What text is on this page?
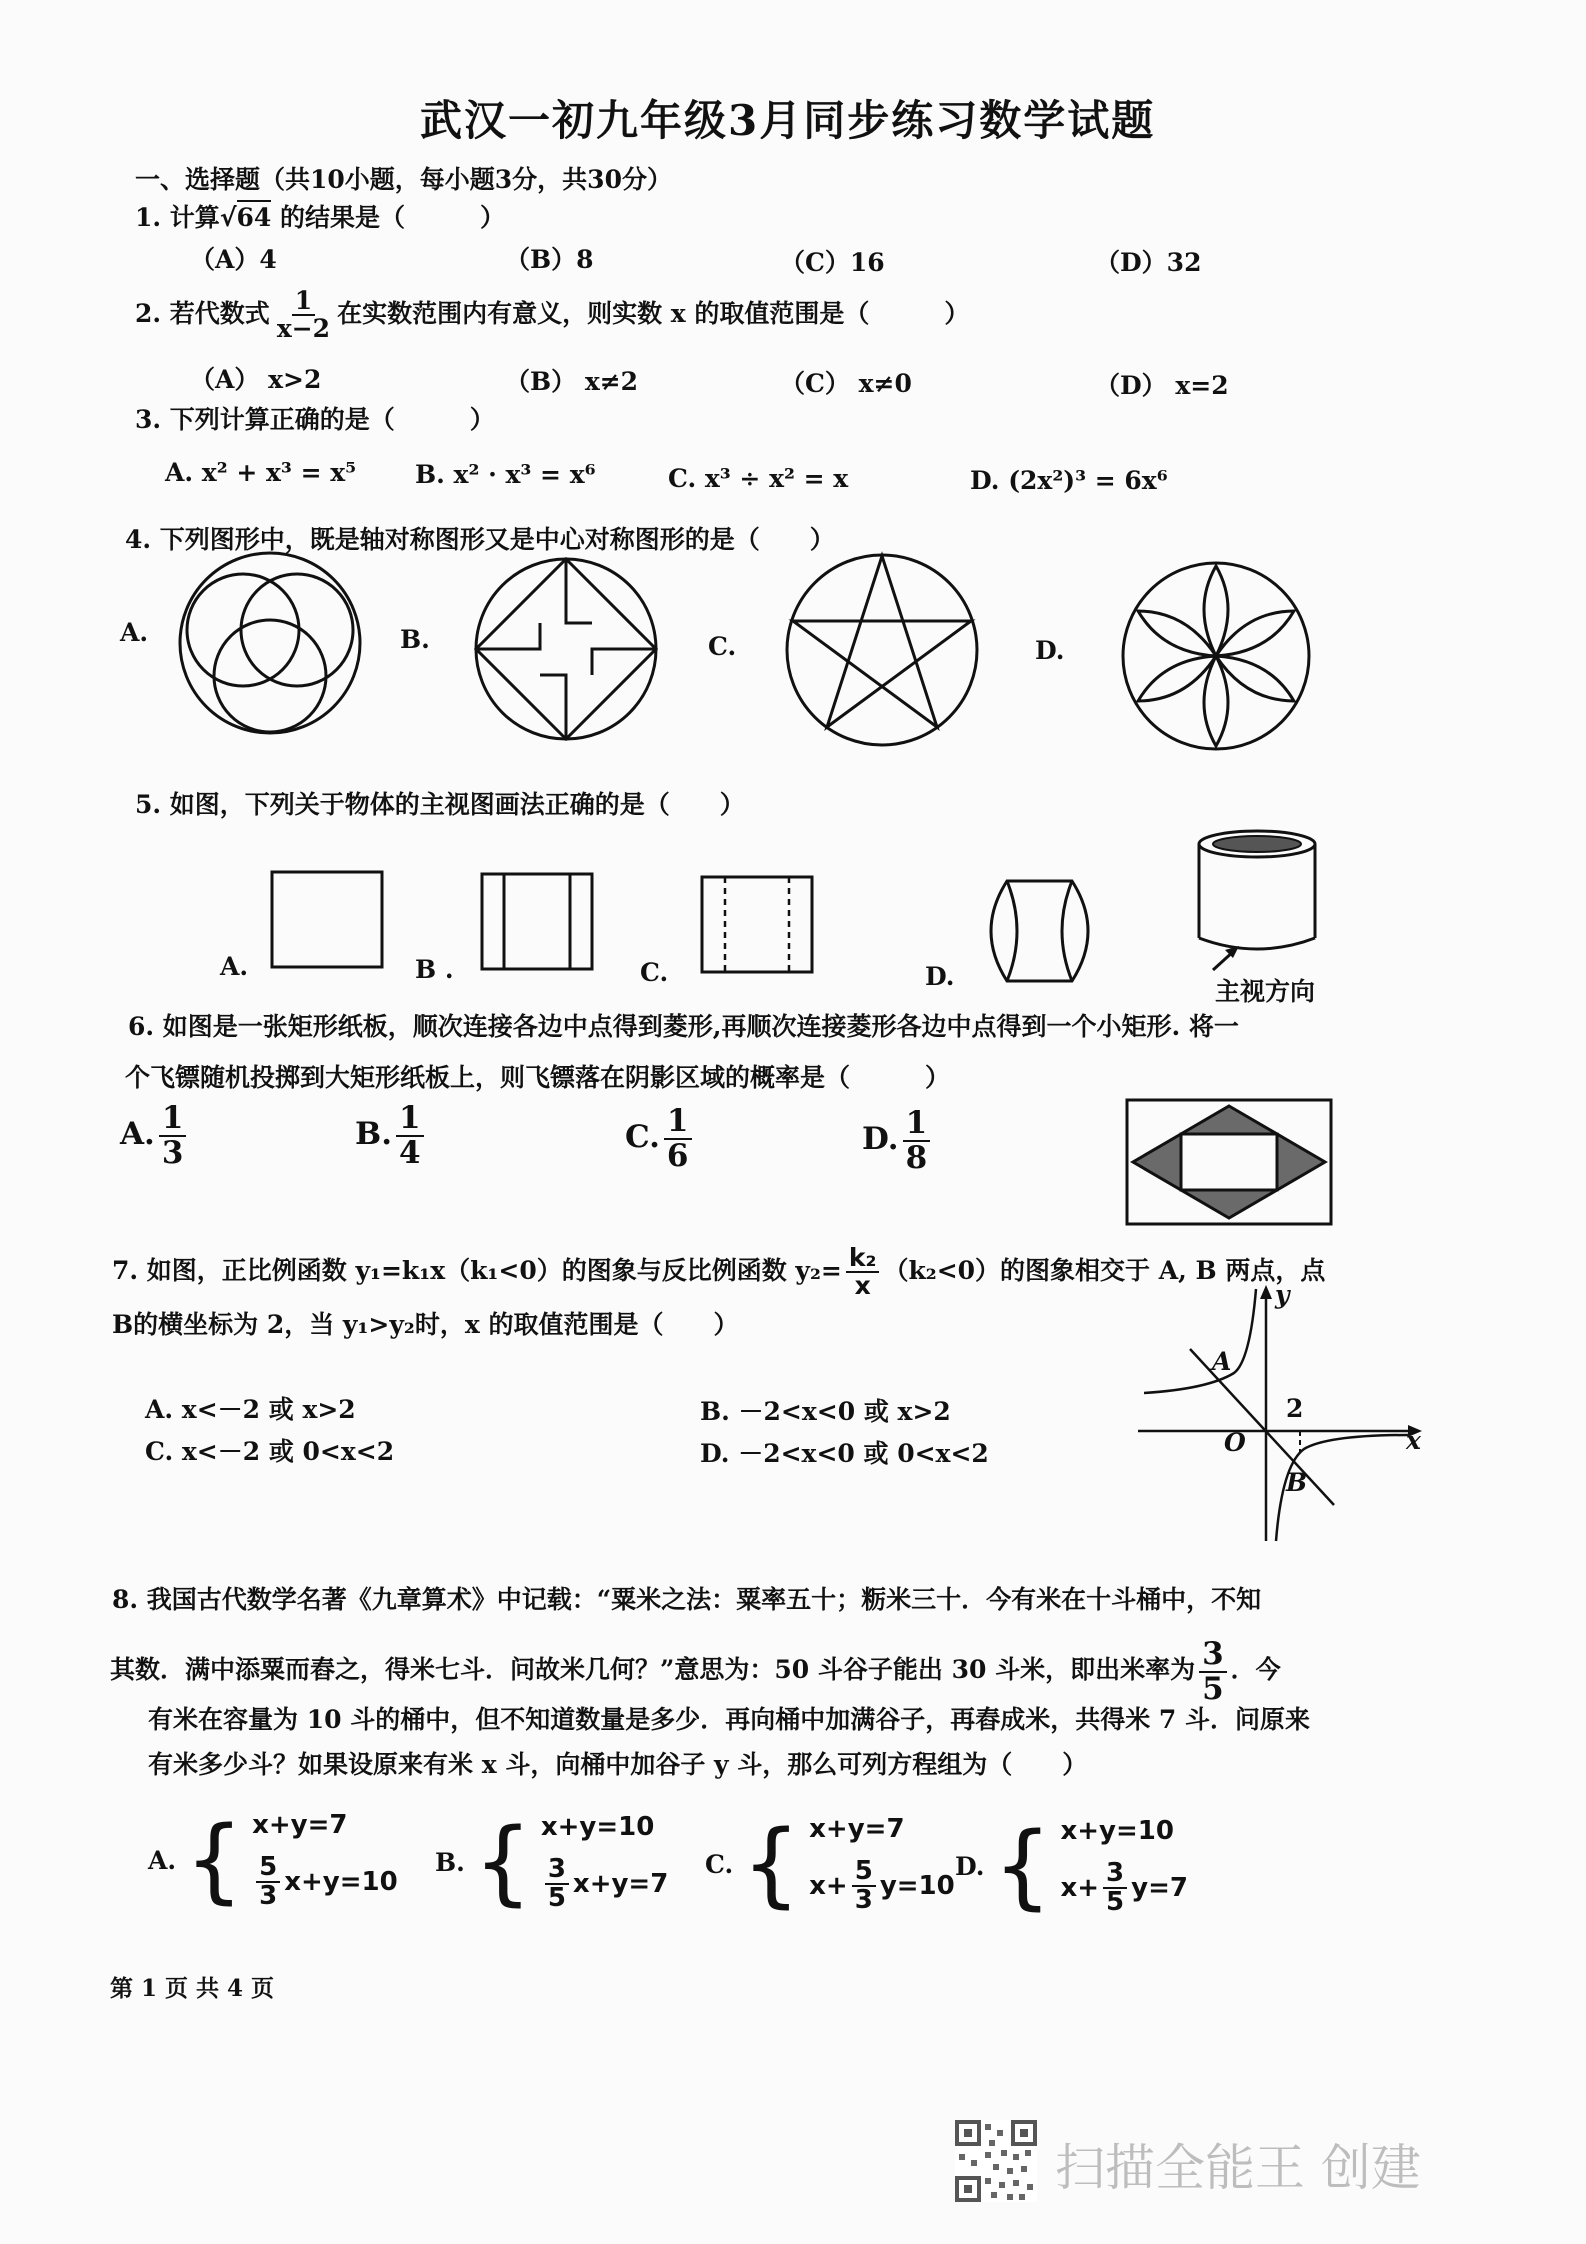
武汉一初九年级3月同步练习数学试题
一、选择题（共10小题，每小题3分，共30分）
1. 计算√64 的结果是（　　　）
（A）4	（B）8	（C）16	（D）32
2. 若代数式 $\frac{1}{x-2}$ 在实数范围内有意义，则实数 x 的取值范围是（　　　）
（A） x>2	（B） x≠2	（C） x≠0	（D） x=2
3. 下列计算正确的是（　　　）
A. x² + x³ = x⁵ B. x² · x³ = x⁶	C. x³ ÷ x² = x	D. (2x²)³ = 6x⁶
4. 下列图形中，既是轴对称图形又是中心对称图形的是（　　）
A.	B.	C.	D.
5. 如图，下列关于物体的主视图画法正确的是（　　）
A.	B .	C.	D.
主视方向
6. 如图是一张矩形纸板，顺次连接各边中点得到菱形,再顺次连接菱形各边中点得到一个小矩形. 将一
个飞镖随机投掷到大矩形纸板上，则飞镖落在阴影区域的概率是（　　　）
A. $\frac{1}{3}$	B. $\frac{1}{4}$	C. $\frac{1}{6}$	D. $\frac{1}{8}$
7. 如图，正比例函数 y₁=k₁x（k₁<0）的图象与反比例函数 $y_2= \frac{\text{k₂}}{x} (k_2<0)$的图象相交于 A, B 两点，点
B的横坐标为 2，当 y₁>y₂时，x 的取值范围是（　　）
A. x<－2 或 x>2	B. －2<x<0 或 x>2
C. x<－2 或 0<x<2	D. －2<x<0 或 0<x<2
y
x
O
A
B
2
8. 我国古代数学名著《九章算术》中记载：“粟米之法：粟率五十；粝米三十．今有米在十斗桶中，不知
其数．满中添粟而舂之，得米七斗．问故米几何？”意思为：50 斗谷子能出 30 斗米，即出米率为 $\frac{3}{5}$ ．今
有米在容量为 10 斗的桶中，但不知道数量是多少．再向桶中加满谷子，再舂成米，共得米 7 斗．问原来
有米多少斗？如果设原来有米 x 斗，向桶中加谷子 y 斗，那么可列方程组为（　　）
A. { x+y=7
$\frac{5}{3} x+y=10$
B. { x+y=10
$\frac{3}{5} x+y=7$
C. { x+y=7
$x+ \frac{5}{3} y=10$
D. { x+y=10
$x+ \frac{3}{5} y=7$
第 1 页 共 4 页
扫描全能王 创建
